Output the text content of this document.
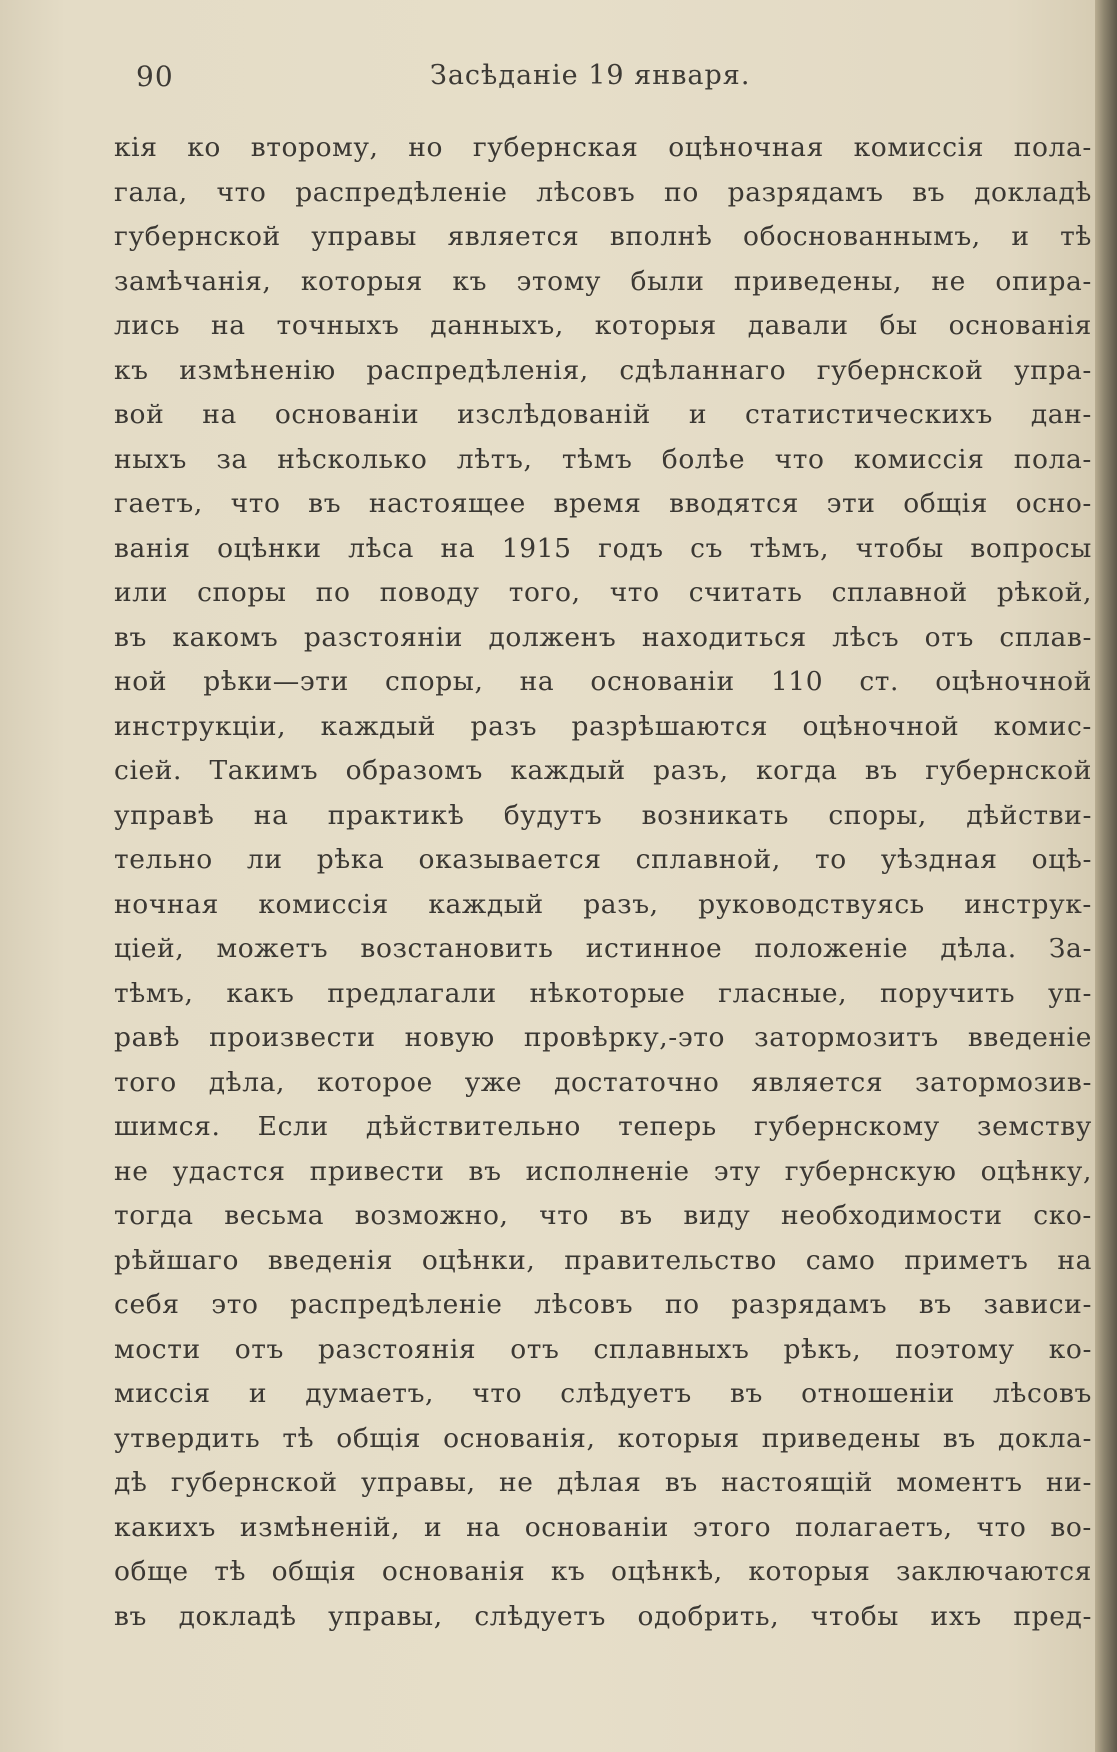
90	Засѣданіе 19 января.
кія ко второму, но губернская оцѣночная комиссія пола-
гала, что распредѣленіе лѣсовъ по разрядамъ въ докладѣ
губернской управы является вполнѣ обоснованнымъ, и тѣ
замѣчанія, которыя къ этому были приведены, не опира-
лись на точныхъ данныхъ, которыя давали бы основанія
къ измѣненію распредѣленія, сдѣланнаго губернской упра-
вой на основаніи изслѣдованій и статистическихъ дан-
ныхъ за нѣсколько лѣтъ, тѣмъ болѣе что комиссія пола-
гаетъ, что въ настоящее время вводятся эти общія осно-
ванія оцѣнки лѣса на 1915 годъ съ тѣмъ, чтобы вопросы
или споры по поводу того, что считать сплавной рѣкой,
въ какомъ разстояніи долженъ находиться лѣсъ отъ сплав-
ной рѣки—эти споры, на основаніи 110 ст. оцѣночной
инструкціи, каждый разъ разрѣшаются оцѣночной комис-
сіей. Такимъ образомъ каждый разъ, когда въ губернской
управѣ на практикѣ будутъ возникать споры, дѣйстви-
тельно ли рѣка оказывается сплавной, то уѣздная оцѣ-
ночная комиссія каждый разъ, руководствуясь инструк-
ціей, можетъ возстановить истинное положеніе дѣла. За-
тѣмъ, какъ предлагали нѣкоторые гласные, поручить уп-
равѣ произвести новую провѣрку,-это затормозитъ введеніе
того дѣла, которое уже достаточно является затормозив-
шимся. Если дѣйствительно теперь губернскому земству
не удастся привести въ исполненіе эту губернскую оцѣнку,
тогда весьма возможно, что въ виду необходимости ско-
рѣйшаго введенія оцѣнки, правительство само приметъ на
себя это распредѣленіе лѣсовъ по разрядамъ въ зависи-
мости отъ разстоянія отъ сплавныхъ рѣкъ, поэтому ко-
миссія и думаетъ, что слѣдуетъ въ отношеніи лѣсовъ
утвердить тѣ общія основанія, которыя приведены въ докла-
дѣ губернской управы, не дѣлая въ настоящій моментъ ни-
какихъ измѣненій, и на основаніи этого полагаетъ, что во-
обще тѣ общія основанія къ оцѣнкѣ, которыя заключаются
въ докладѣ управы, слѣдуетъ одобрить, чтобы ихъ пред-
